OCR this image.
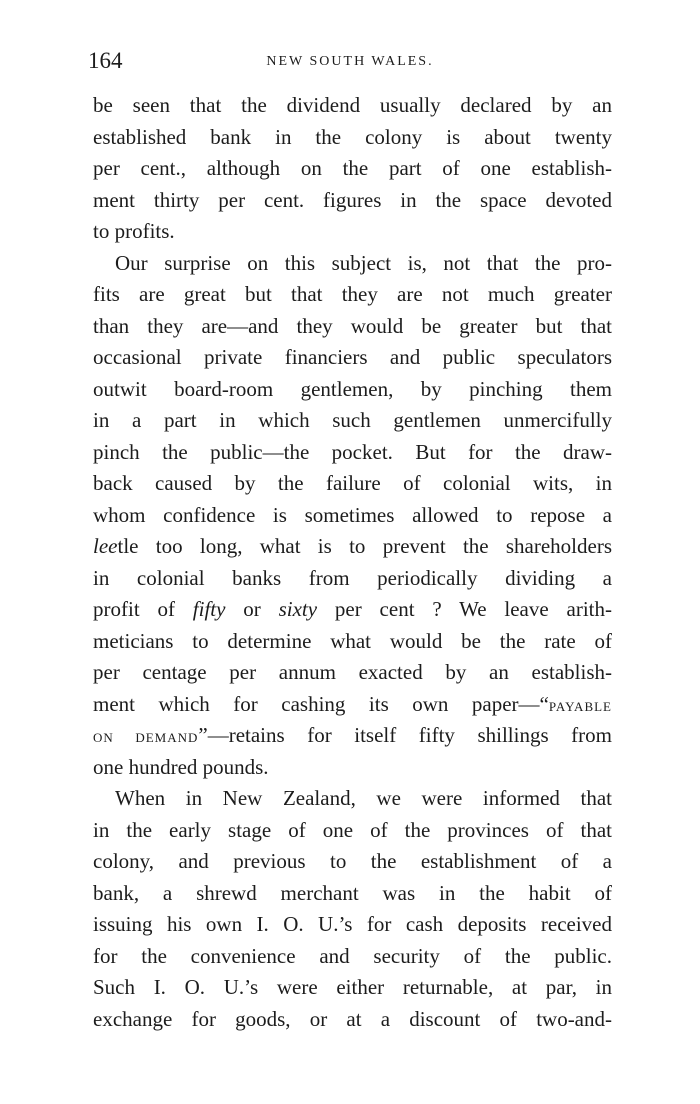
164	NEW SOUTH WALES.
be seen that the dividend usually declared by an
established bank in the colony is about twenty
per cent., although on the part of one establish-
ment thirty per cent. figures in the space devoted
to profits.
Our surprise on this subject is, not that the pro-
fits are great but that they are not much greater
than they are—and they would be greater but that
occasional private financiers and public speculators
outwit board-room gentlemen, by pinching them
in a part in which such gentlemen unmercifully
pinch the public—the pocket. But for the draw-
back caused by the failure of colonial wits, in
whom confidence is sometimes allowed to repose a
leetle too long, what is to prevent the shareholders
in colonial banks from periodically dividing a
profit of fifty or sixty per cent ? We leave arith-
meticians to determine what would be the rate of
per centage per annum exacted by an establish-
ment which for cashing its own paper—“PAYABLE
ON DEMAND”—retains for itself fifty shillings from
one hundred pounds.
When in New Zealand, we were informed that
in the early stage of one of the provinces of that
colony, and previous to the establishment of a
bank, a shrewd merchant was in the habit of
issuing his own I. O. U.’s for cash deposits received
for the convenience and security of the public.
Such I. O. U.’s were either returnable, at par, in
exchange for goods, or at a discount of two-and-
